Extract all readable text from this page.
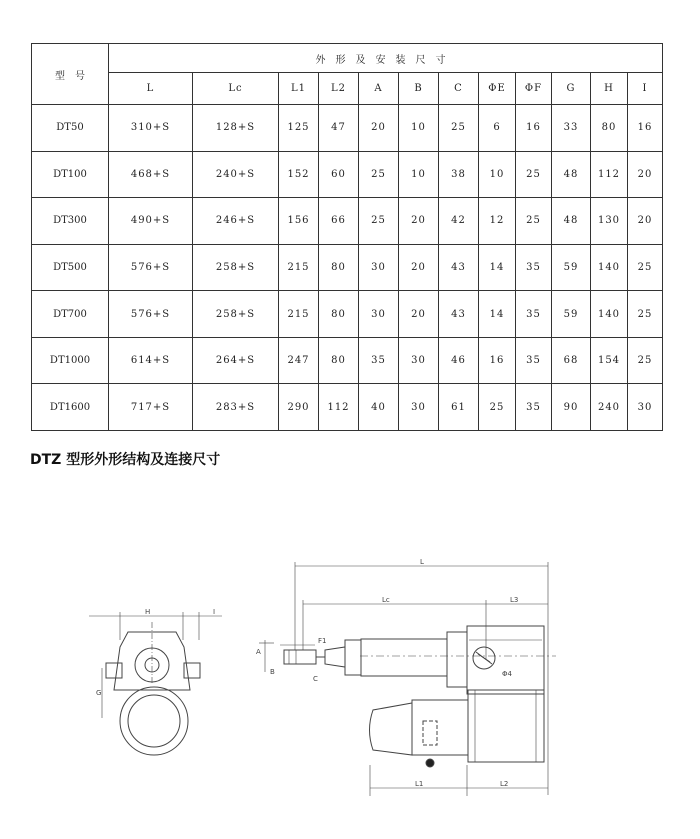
型　号	外形及安装尺寸											
	L	Lc	L1	L2	A	B	C	ΦE	ΦF	G	H	I
DT50	310+S	128+S	125	47	20	10	25	6	16	33	80	16
DT100	468+S	240+S	152	60	25	10	38	10	25	48	112	20
DT300	490+S	246+S	156	66	25	20	42	12	25	48	130	20
DT500	576+S	258+S	215	80	30	20	43	14	35	59	140	25
DT700	576+S	258+S	215	80	30	20	43	14	35	59	140	25
DT1000	614+S	264+S	247	80	35	30	46	16	35	68	154	25
DT1600	717+S	283+S	290	112	40	30	61	25	35	90	240	30
DTZ 型形外形结构及连接尺寸
H	I
G
L
Lc	L3
F1
A
B
C
Φ4
L1	L2
